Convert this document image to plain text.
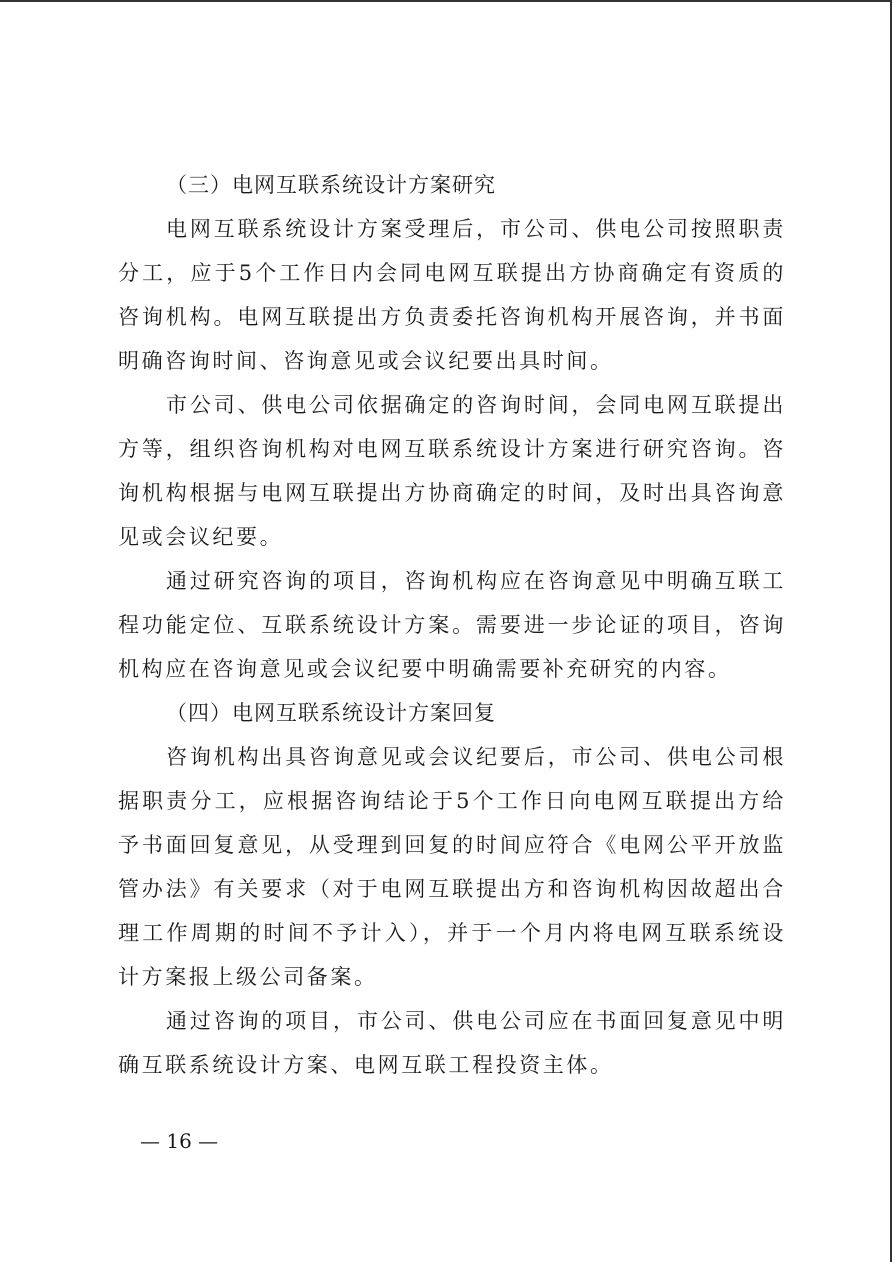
（三）电网互联系统设计方案研究

电网互联系统设计方案受理后，市公司、供电公司按照职责分工，应于5个工作日内会同电网互联提出方协商确定有资质的咨询机构。电网互联提出方负责委托咨询机构开展咨询，并书面明确咨询时间、咨询意见或会议纪要出具时间。

市公司、供电公司依据确定的咨询时间，会同电网互联提出方等，组织咨询机构对电网互联系统设计方案进行研究咨询。咨询机构根据与电网互联提出方协商确定的时间，及时出具咨询意见或会议纪要。

通过研究咨询的项目，咨询机构应在咨询意见中明确互联工程功能定位、互联系统设计方案。需要进一步论证的项目，咨询机构应在咨询意见或会议纪要中明确需要补充研究的内容。

（四）电网互联系统设计方案回复

咨询机构出具咨询意见或会议纪要后，市公司、供电公司根据职责分工，应根据咨询结论于5个工作日向电网互联提出方给予书面回复意见，从受理到回复的时间应符合《电网公平开放监管办法》有关要求（对于电网互联提出方和咨询机构因故超出合理工作周期的时间不予计入），并于一个月内将电网互联系统设计方案报上级公司备案。

通过咨询的项目，市公司、供电公司应在书面回复意见中明确互联系统设计方案、电网互联工程投资主体。

— 16 —
